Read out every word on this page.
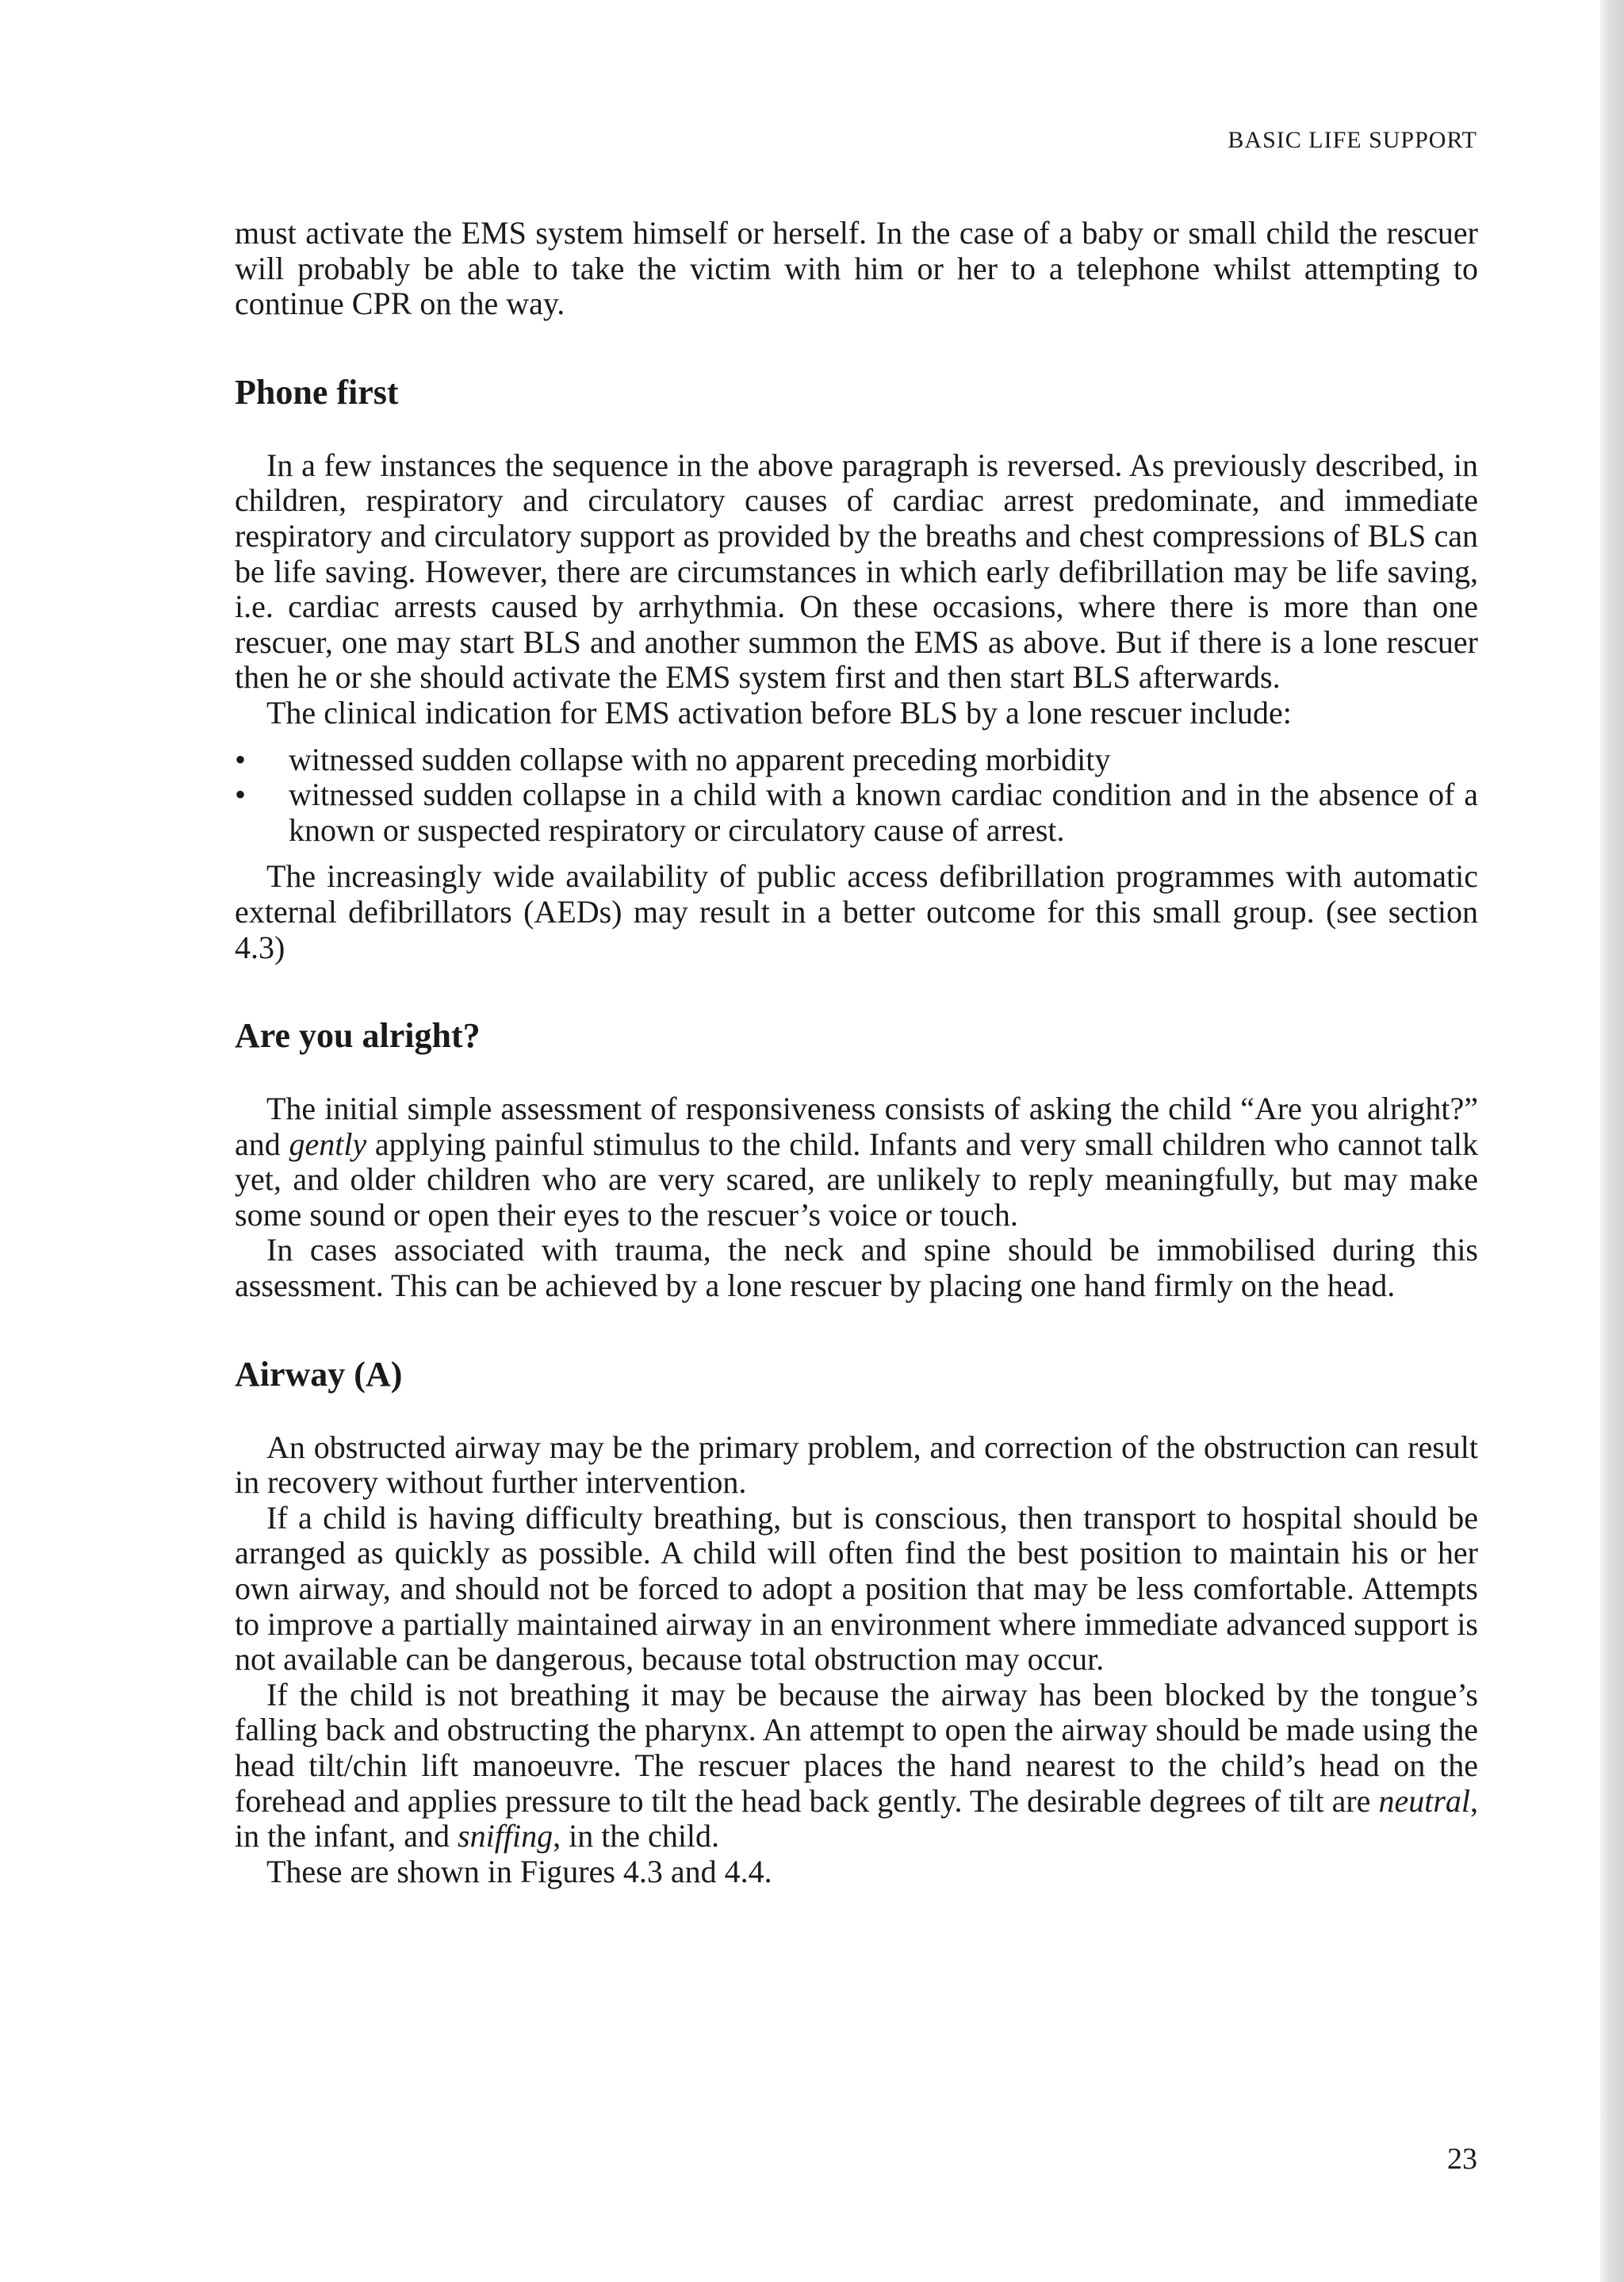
BASIC LIFE SUPPORT

must activate the EMS system himself or herself. In the case of a baby or small child the rescuer will probably be able to take the victim with him or her to a telephone whilst attempting to continue CPR on the way.

Phone first

In a few instances the sequence in the above paragraph is reversed. As previously described, in children, respiratory and circulatory causes of cardiac arrest predominate, and immediate respiratory and circulatory support as provided by the breaths and chest compressions of BLS can be life saving. However, there are circumstances in which early defibrillation may be life saving, i.e. cardiac arrests caused by arrhythmia. On these occasions, where there is more than one rescuer, one may start BLS and another summon the EMS as above. But if there is a lone rescuer then he or she should activate the EMS system first and then start BLS afterwards.

The clinical indication for EMS activation before BLS by a lone rescuer include:

• witnessed sudden collapse with no apparent preceding morbidity
• witnessed sudden collapse in a child with a known cardiac condition and in the absence of a known or suspected respiratory or circulatory cause of arrest.

The increasingly wide availability of public access defibrillation programmes with automatic external defibrillators (AEDs) may result in a better outcome for this small group. (see section 4.3)

Are you alright?

The initial simple assessment of responsiveness consists of asking the child “Are you alright?” and gently applying painful stimulus to the child. Infants and very small children who cannot talk yet, and older children who are very scared, are unlikely to reply meaningfully, but may make some sound or open their eyes to the rescuer’s voice or touch.

In cases associated with trauma, the neck and spine should be immobilised during this assessment. This can be achieved by a lone rescuer by placing one hand firmly on the head.

Airway (A)

An obstructed airway may be the primary problem, and correction of the obstruction can result in recovery without further intervention.

If a child is having difficulty breathing, but is conscious, then transport to hospital should be arranged as quickly as possible. A child will often find the best position to maintain his or her own airway, and should not be forced to adopt a position that may be less comfortable. Attempts to improve a partially maintained airway in an environment where immediate advanced support is not available can be dangerous, because total obstruction may occur.

If the child is not breathing it may be because the airway has been blocked by the tongue’s falling back and obstructing the pharynx. An attempt to open the airway should be made using the head tilt/chin lift manoeuvre. The rescuer places the hand nearest to the child’s head on the forehead and applies pressure to tilt the head back gently. The desirable degrees of tilt are neutral, in the infant, and sniffing, in the child.

These are shown in Figures 4.3 and 4.4.

23
